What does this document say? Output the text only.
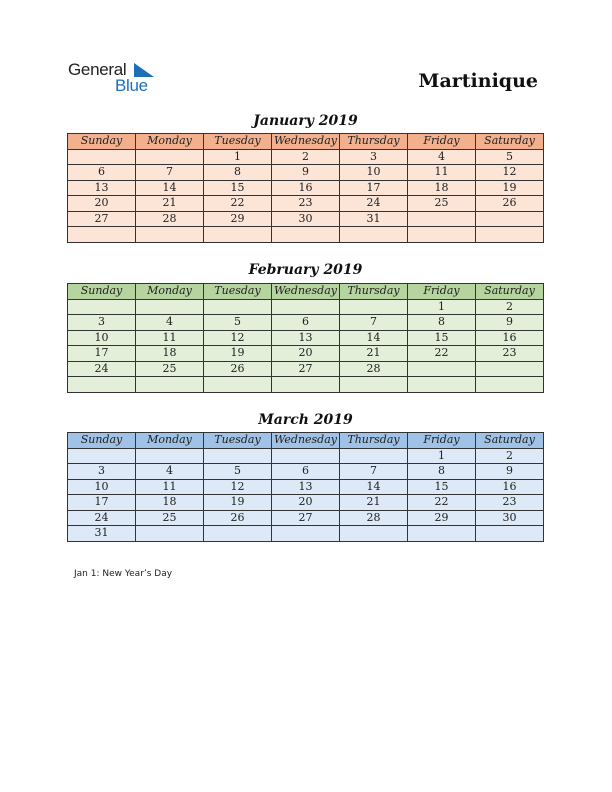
General
Blue	Martinique
January 2019
Sunday	Monday	Tuesday	Wednesday	Thursday	Friday	Saturday
		1	2	3	4	5
6	7	8	9	10	11	12
13	14	15	16	17	18	19
20	21	22	23	24	25	26
27	28	29	30	31		

February 2019
Sunday	Monday	Tuesday	Wednesday	Thursday	Friday	Saturday
					1	2
3	4	5	6	7	8	9
10	11	12	13	14	15	16
17	18	19	20	21	22	23
24	25	26	27	28		

March 2019
Sunday	Monday	Tuesday	Wednesday	Thursday	Friday	Saturday
					1	2
3	4	5	6	7	8	9
10	11	12	13	14	15	16
17	18	19	20	21	22	23
24	25	26	27	28	29	30
31						
Jan 1: New Year’s Day
